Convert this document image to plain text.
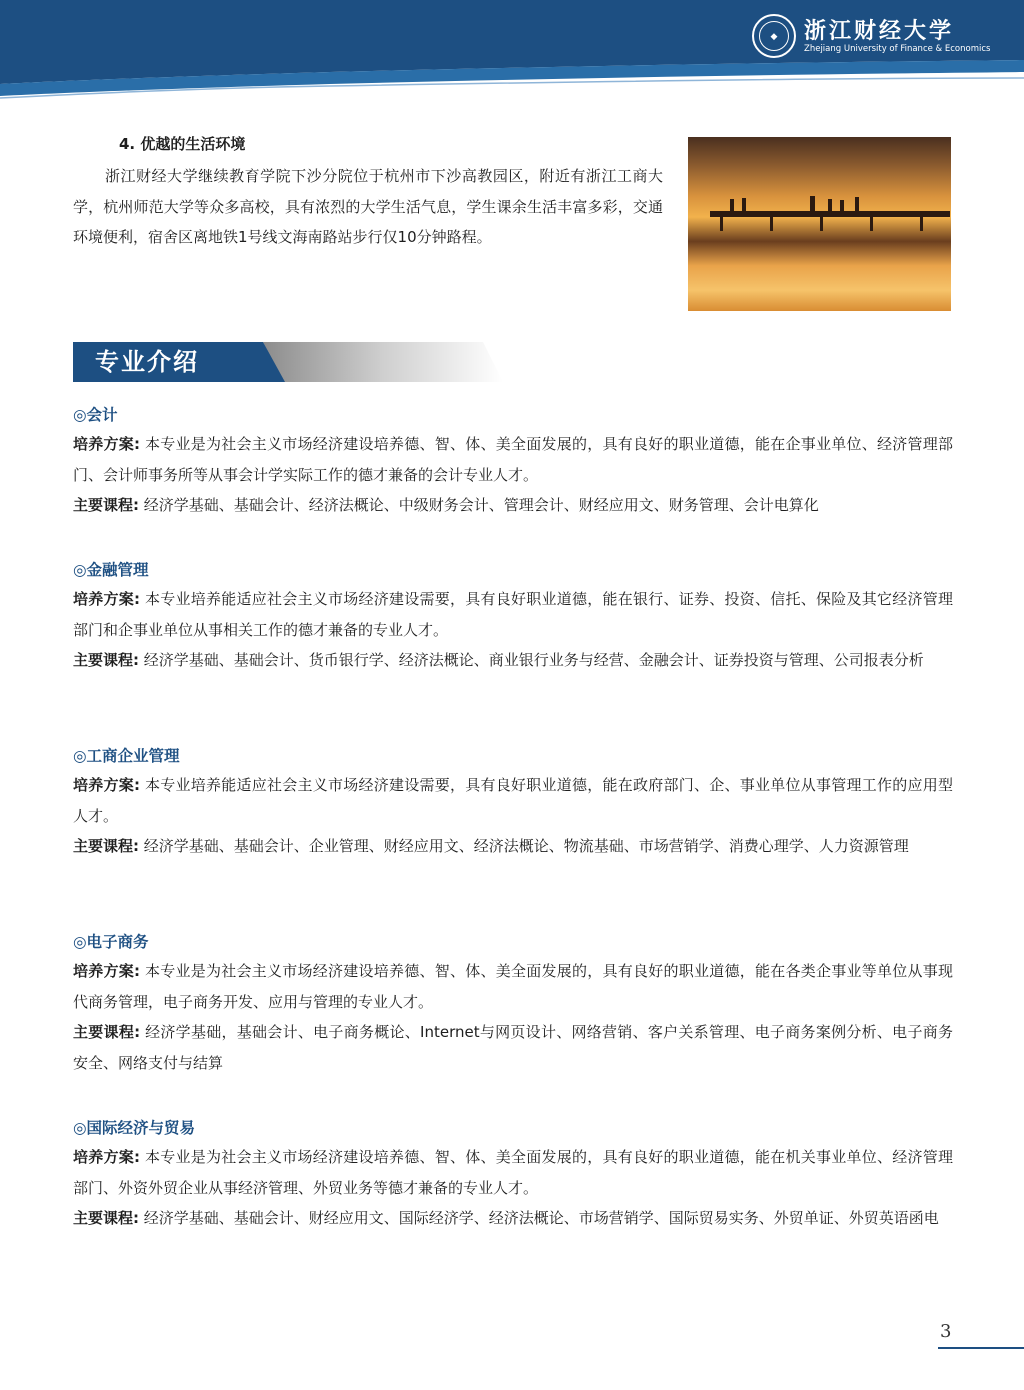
◆	浙江财经大学
Zhejiang University of Finance & Economics
4. 优越的生活环境

浙江财经大学继续教育学院下沙分院位于杭州市下沙高教园区，附近有浙江工商大学，杭州师范大学等众多高校，具有浓烈的大学生活气息，学生课余生活丰富多彩，交通环境便利，宿舍区离地铁1号线文海南路站步行仅10分钟路程。

专业介绍
◎会计

培养方案: 本专业是为社会主义市场经济建设培养德、智、体、美全面发展的，具有良好的职业道德，能在企事业单位、经济管理部门、会计师事务所等从事会计学实际工作的德才兼备的会计专业人才。

主要课程: 经济学基础、基础会计、经济法概论、中级财务会计、管理会计、财经应用文、财务管理、会计电算化

◎金融管理

培养方案: 本专业培养能适应社会主义市场经济建设需要，具有良好职业道德，能在银行、证券、投资、信托、保险及其它经济管理部门和企事业单位从事相关工作的德才兼备的专业人才。

主要课程: 经济学基础、基础会计、货币银行学、经济法概论、商业银行业务与经营、金融会计、证券投资与管理、公司报表分析

◎工商企业管理

培养方案: 本专业培养能适应社会主义市场经济建设需要，具有良好职业道德，能在政府部门、企、事业单位从事管理工作的应用型人才。

主要课程: 经济学基础、基础会计、企业管理、财经应用文、经济法概论、物流基础、市场营销学、消费心理学、人力资源管理

◎电子商务

培养方案: 本专业是为社会主义市场经济建设培养德、智、体、美全面发展的，具有良好的职业道德，能在各类企事业等单位从事现代商务管理，电子商务开发、应用与管理的专业人才。

主要课程: 经济学基础，基础会计、电子商务概论、Internet与网页设计、网络营销、客户关系管理、电子商务案例分析、电子商务安全、网络支付与结算

◎国际经济与贸易

培养方案: 本专业是为社会主义市场经济建设培养德、智、体、美全面发展的，具有良好的职业道德，能在机关事业单位、经济管理部门、外资外贸企业从事经济管理、外贸业务等德才兼备的专业人才。

主要课程: 经济学基础、基础会计、财经应用文、国际经济学、经济法概论、市场营销学、国际贸易实务、外贸单证、外贸英语函电

3
